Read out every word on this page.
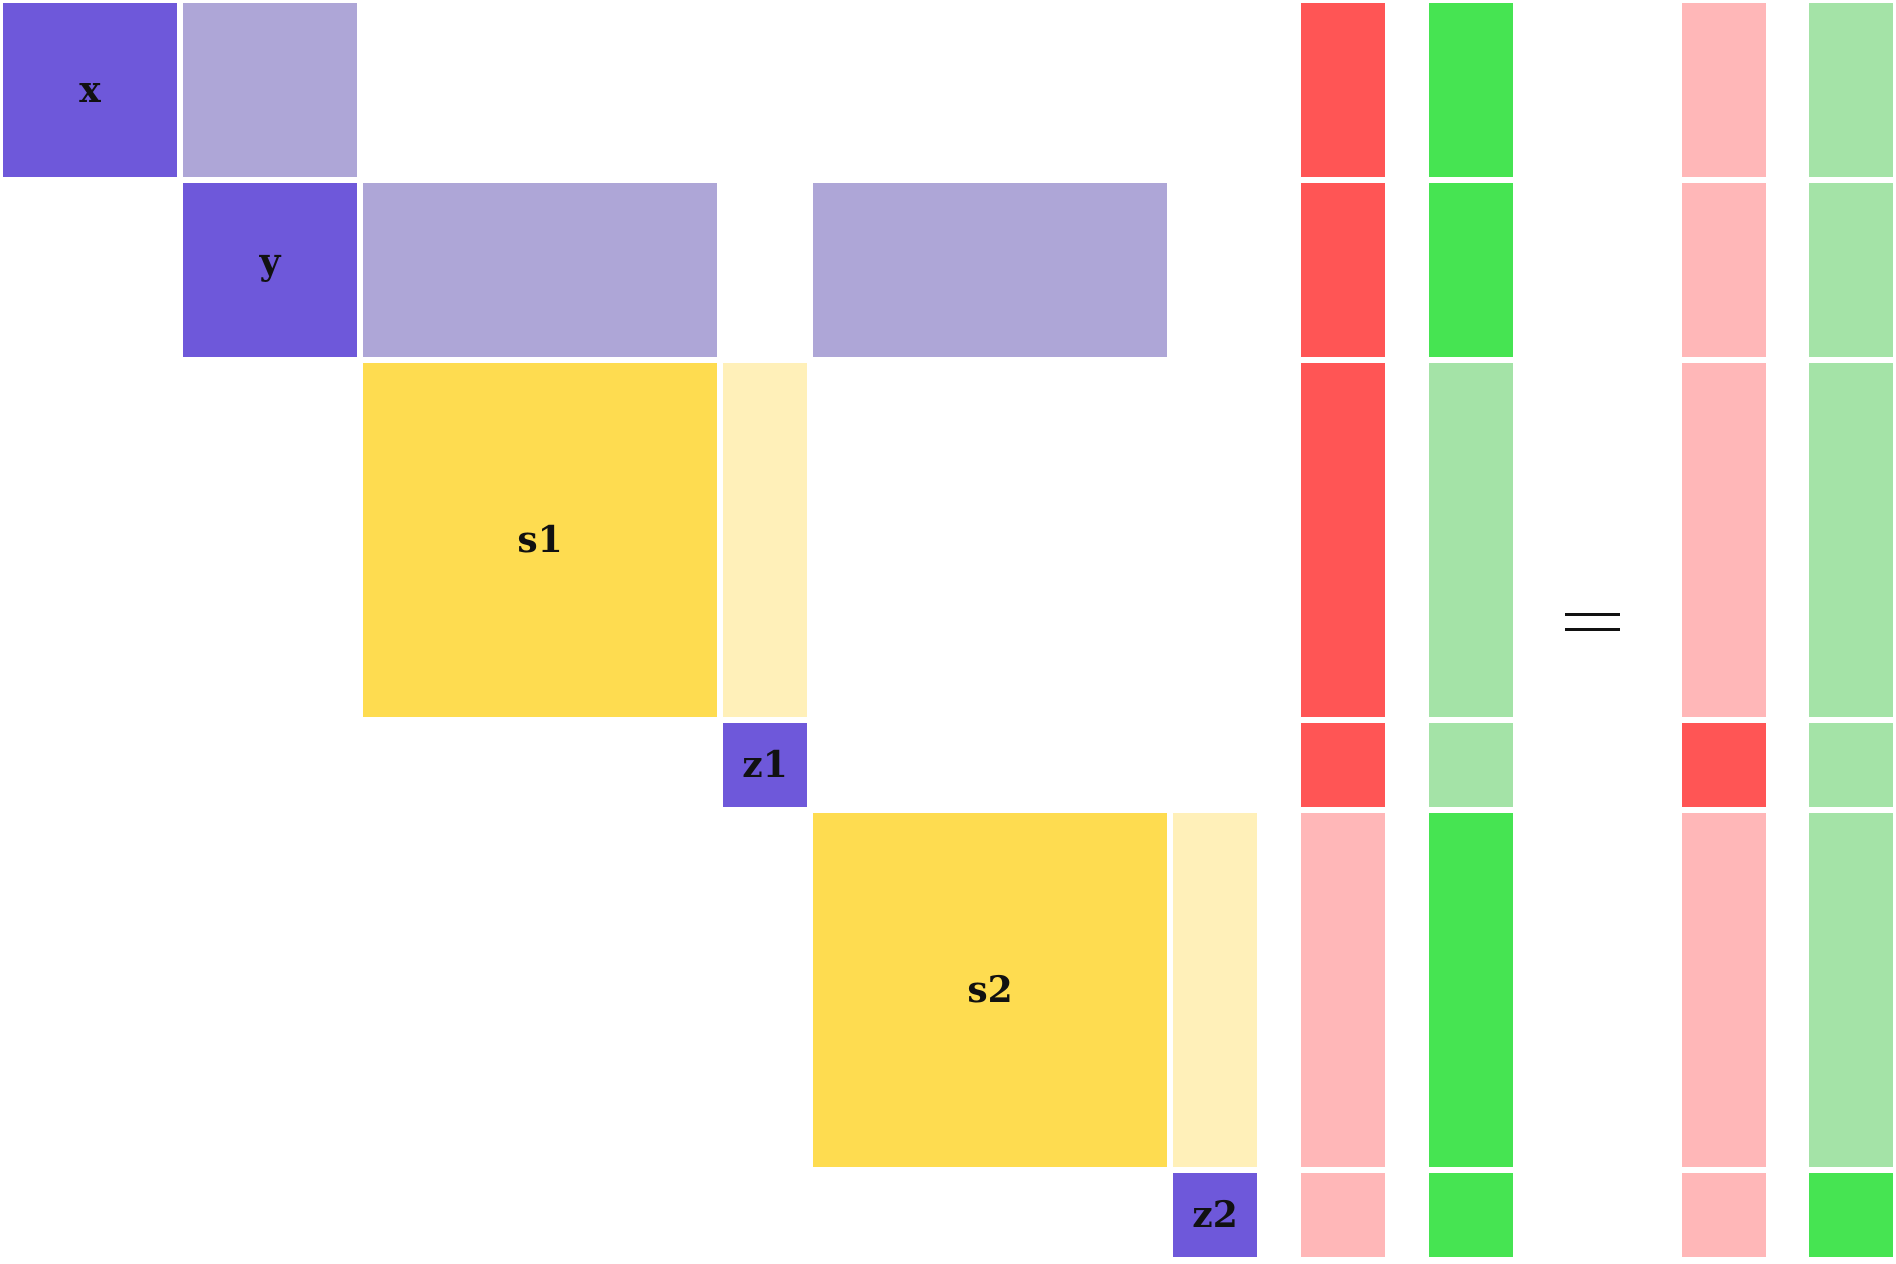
x
y
s1
z1
s2
z2
